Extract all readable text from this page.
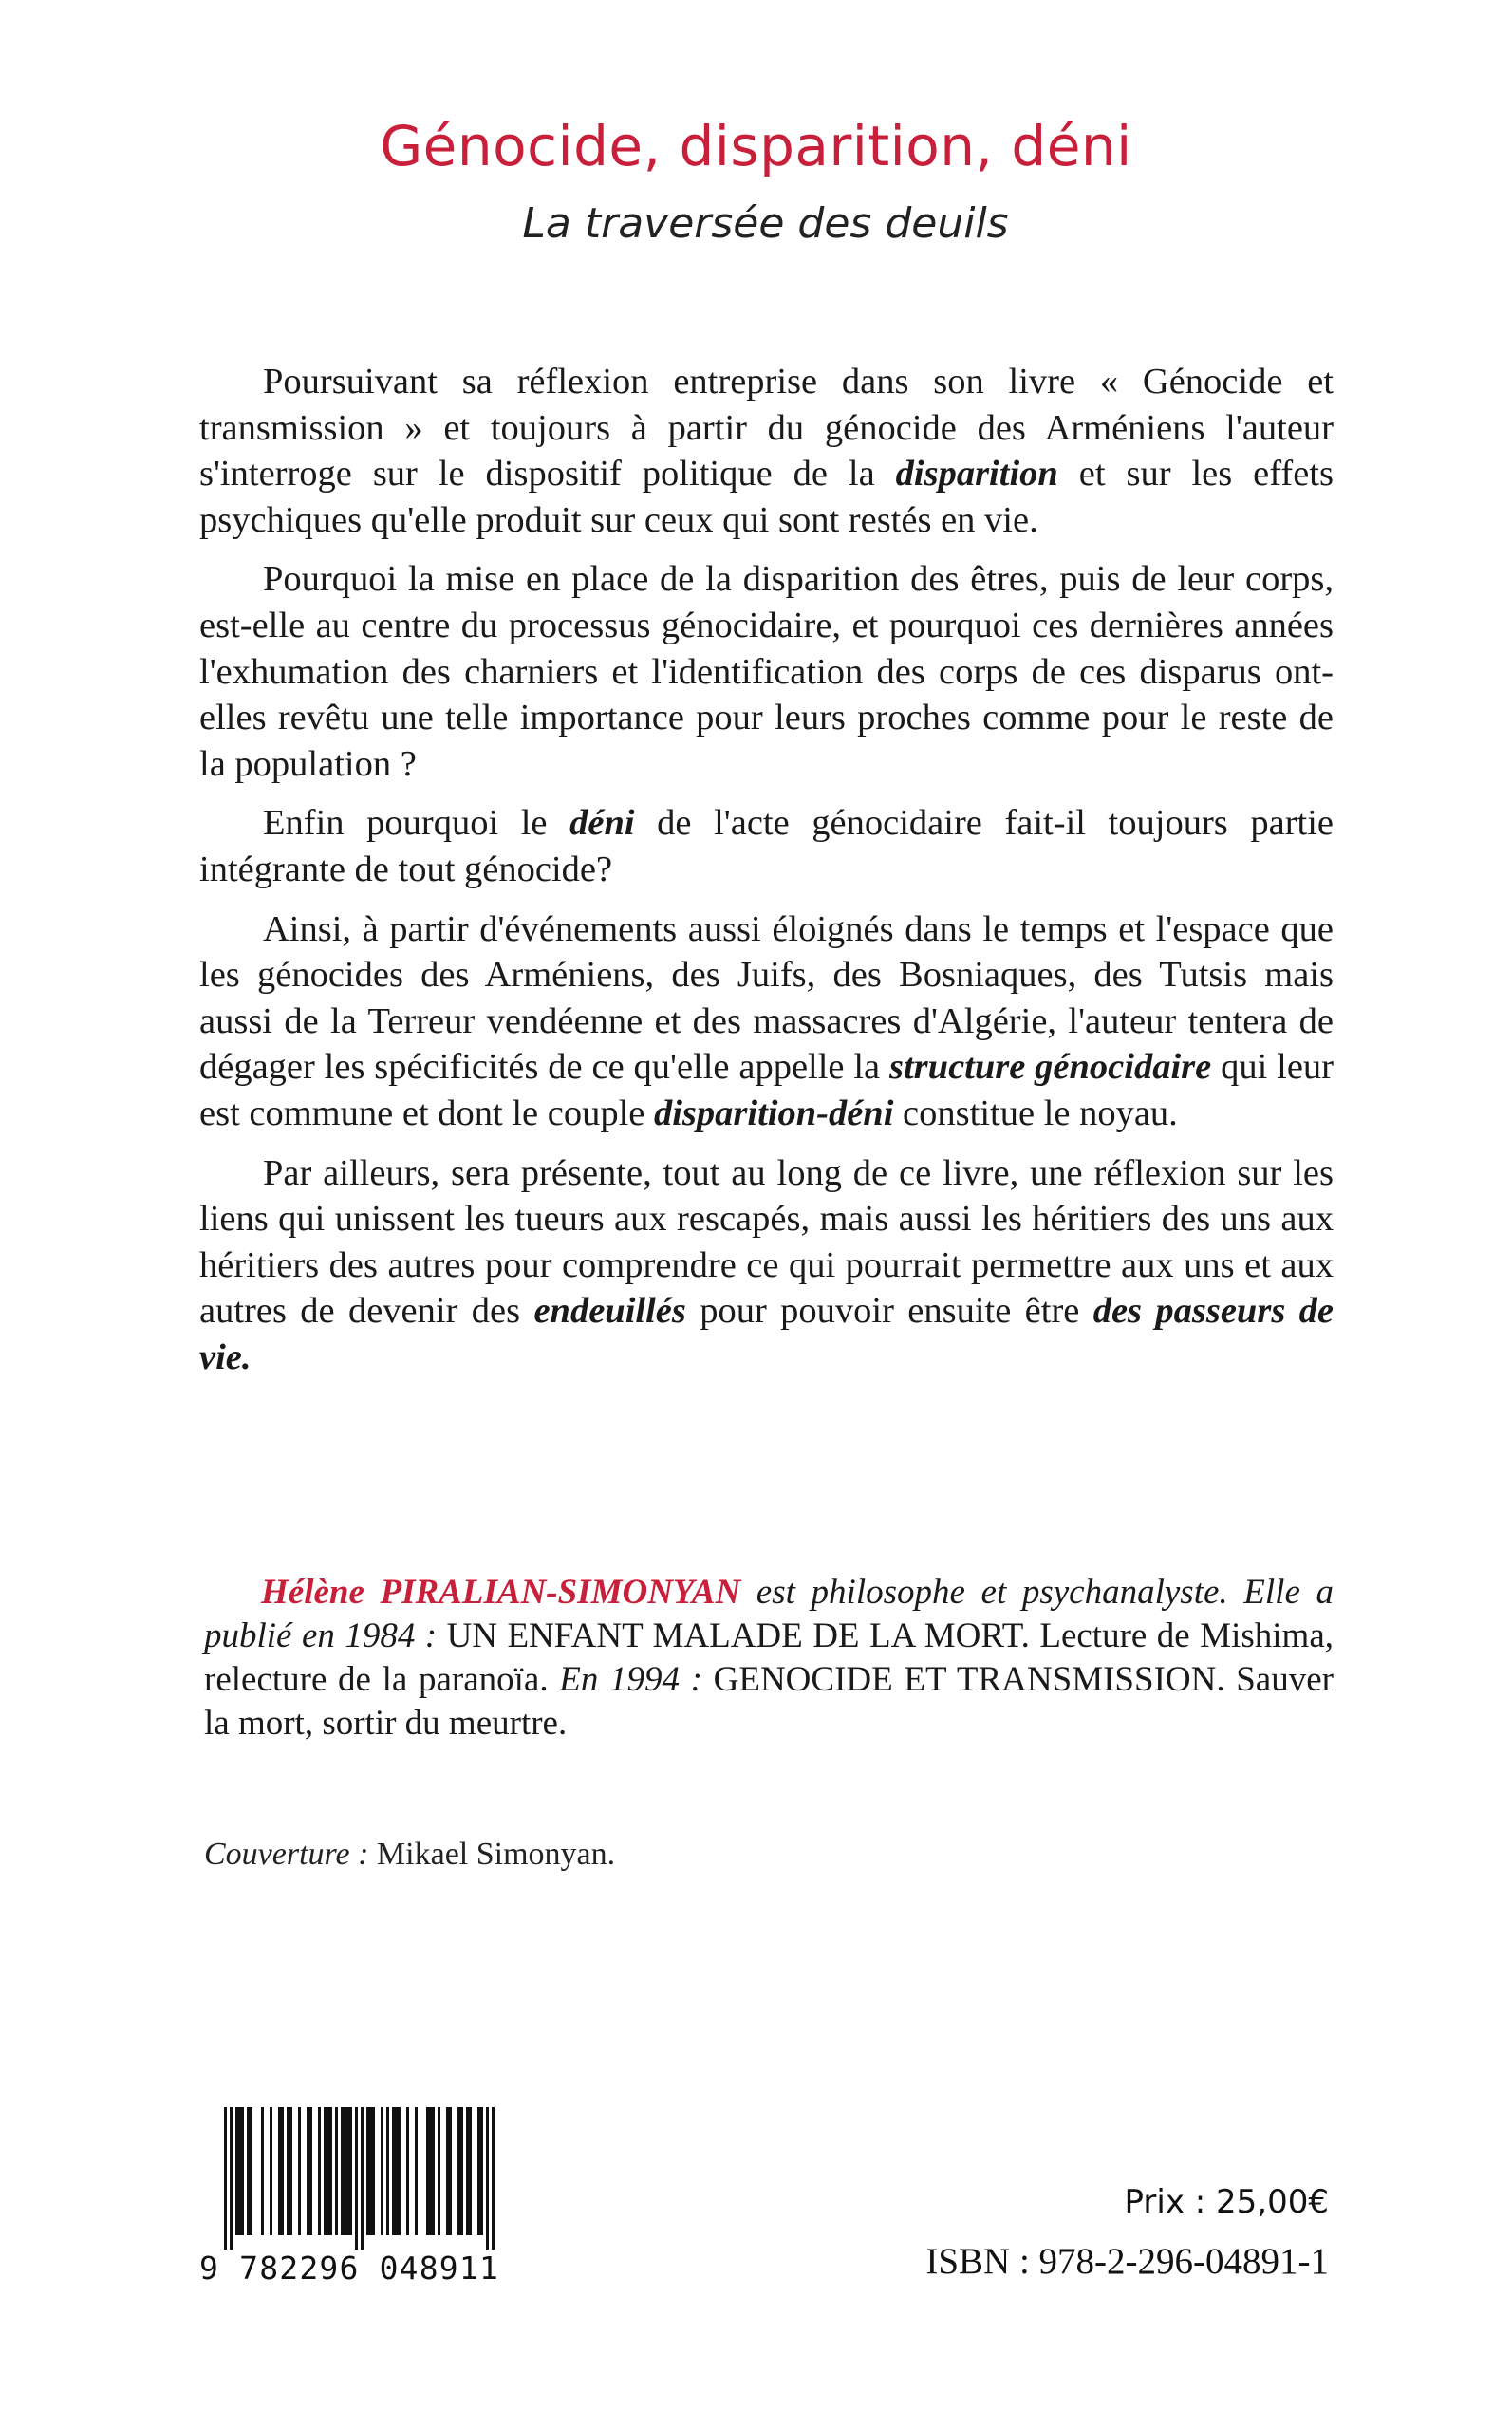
Génocide, disparition, déni
La traversée des deuils

Poursuivant sa réflexion entreprise dans son livre « Génocide et transmission » et toujours à partir du génocide des Arméniens l'auteur s'interroge sur le dispositif politique de la disparition et sur les effets psychiques qu'elle produit sur ceux qui sont restés en vie.

Pourquoi la mise en place de la disparition des êtres, puis de leur corps, est-elle au centre du processus génocidaire, et pourquoi ces dernières années l'exhumation des charniers et l'identification des corps de ces disparus ont-elles revêtu une telle importance pour leurs proches comme pour le reste de la population ?

Enfin pourquoi le déni de l'acte génocidaire fait-il toujours partie intégrante de tout génocide?

Ainsi, à partir d'événements aussi éloignés dans le temps et l'espace que les génocides des Arméniens, des Juifs, des Bosniaques, des Tutsis mais aussi de la Terreur vendéenne et des massacres d'Algérie, l'auteur tentera de dégager les spécificités de ce qu'elle appelle la structure génocidaire qui leur est commune et dont le couple disparition-déni constitue le noyau.

Par ailleurs, sera présente, tout au long de ce livre, une réflexion sur les liens qui unissent les tueurs aux rescapés, mais aussi les héritiers des uns aux héritiers des autres pour comprendre ce qui pourrait permettre aux uns et aux autres de devenir des endeuillés pour pouvoir ensuite être des passeurs de vie.

Hélène PIRALIAN-SIMONYAN est philosophe et psychanalyste. Elle a publié en 1984 : UN ENFANT MALADE DE LA MORT. Lecture de Mishima, relecture de la paranoïa. En 1994 : GENOCIDE ET TRANSMISSION. Sauver la mort, sortir du meurtre.
Couverture : Mikael Simonyan.
9 782296 048911
Prix : 25,00€
ISBN : 978-2-296-04891-1
